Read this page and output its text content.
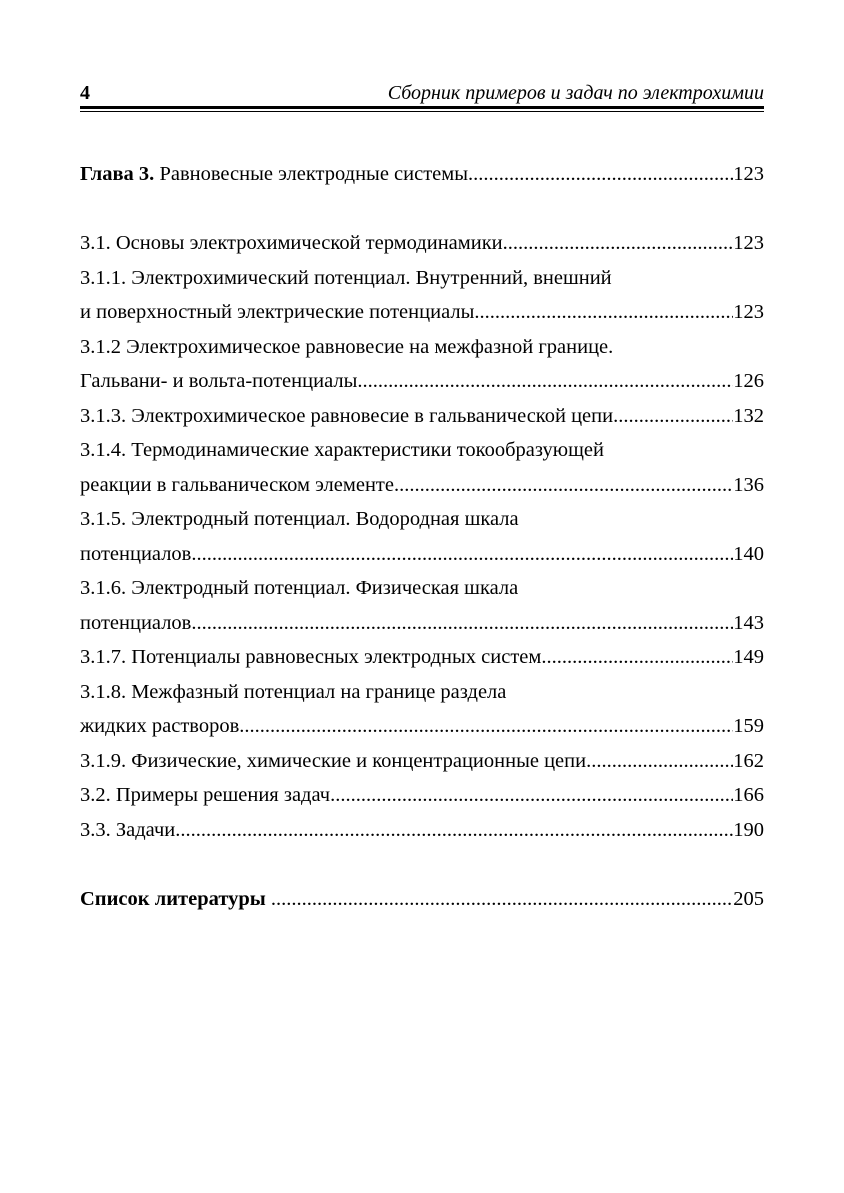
4	Сборник примеров и задач по электрохимии
Глава 3. Равновесные электродные системы .....	123
3.1. Основы электрохимической термодинамики .....	123
3.1.1. Электрохимический потенциал. Внутренний, внешний
и поверхностный электрические потенциалы .....	123
3.1.2 Электрохимическое равновесие на межфазной границе.
Гальвани- и вольта-потенциалы .....	126
3.1.3. Электрохимическое равновесие в гальванической цепи .....	132
3.1.4. Термодинамические характеристики токообразующей
реакции в гальваническом элементе .....	136
3.1.5. Электродный потенциал. Водородная шкала
потенциалов .....	140
3.1.6. Электродный потенциал. Физическая шкала
потенциалов .....	143
3.1.7. Потенциалы равновесных электродных систем .....	149
3.1.8. Межфазный потенциал на границе раздела
жидких растворов .....	159
3.1.9. Физические, химические и концентрационные цепи .....	162
3.2. Примеры решения задач .....	166
3.3. Задачи .....	190
Список литературы .....	205
